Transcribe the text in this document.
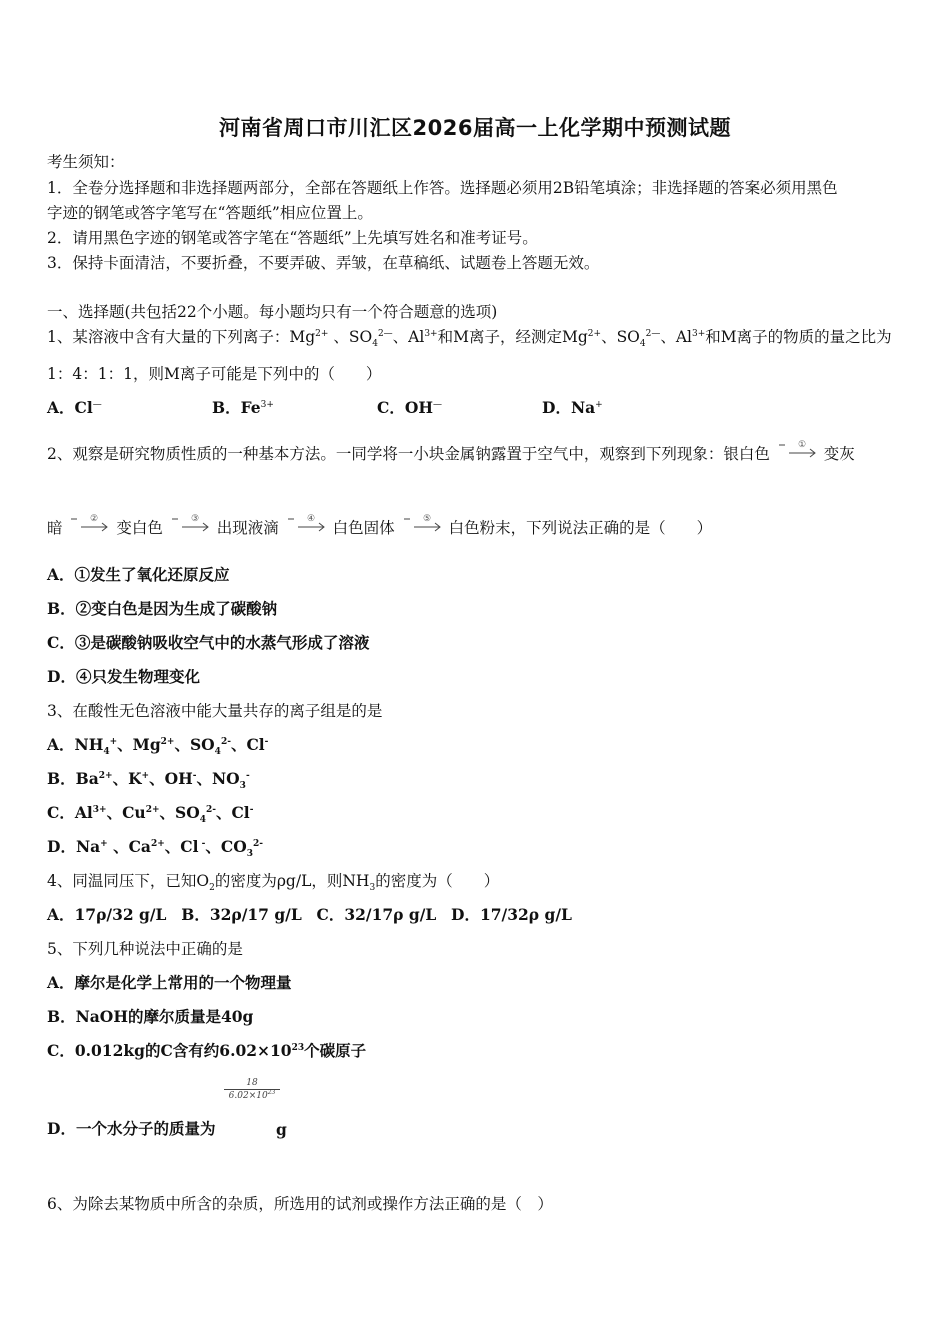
河南省周口市川汇区2026届高一上化学期中预测试题
考生须知：
1．全卷分选择题和非选择题两部分，全部在答题纸上作答。选择题必须用2B铅笔填涂；非选择题的答案必须用黑色
字迹的钢笔或答字笔写在“答题纸”相应位置上。
2．请用黑色字迹的钢笔或答字笔在“答题纸”上先填写姓名和准考证号。
3．保持卡面清洁，不要折叠，不要弄破、弄皱，在草稿纸、试题卷上答题无效。
一、选择题(共包括22个小题。每小题均只有一个符合题意的选项)
1、某溶液中含有大量的下列离子：$Mg^{2+}$ 、$SO_4^{2—}$、$Al^{3+}$和M离子，经测定$Mg^{2+}$、$SO_4^{2—}$、$Al^{3+}$和M离子的物质的量之比为
1：4：1：1，则M离子可能是下列中的（　　）
A．Cl—	B．$Fe^{3+}$	C．OH—	D．Na+
2、观察是研究物质性质的一种基本方法。一同学将一小块金属钠露置于空气中，观察到下列现象：银白色	① 变灰
暗	② 变白色	③ 出现液滴	④ 白色固体	⑤ 白色粉末，下列说法正确的是（　　）
A．①发生了氧化还原反应
B．②变白色是因为生成了碳酸钠
C．③是碳酸钠吸收空气中的水蒸气形成了溶液
D．④只发生物理变化
3、在酸性无色溶液中能大量共存的离子组是的是
A．$NH_4^+$、$Mg^{2+}$、$SO_4^{2-}$、Cl-
B．$Ba^{2+}$、K+、OH-、$NO_3^-$
C．$Al^{3+}$、$Cu^{2+}$、$SO_4^{2-}$、Cl-
D．Na+ 、$Ca^{2+}$、Cl -、$CO_3^{2-}$
4、同温同压下，已知$O_2$的密度为ρg/L，则$NH_3$的密度为（　　）
A．17ρ/32 g/L B．32ρ/17 g/L C．32/17ρ g/L D．17/32ρ g/L
5、下列几种说法中正确的是
A．摩尔是化学上常用的一个物理量
B．NaOH的摩尔质量是40g
C．0.012kg的C含有约$6.02\times 10^{23}$个碳原子
18
$6.02\times 10^{23}$
D．一个水分子的质量为	g
6、为除去某物质中所含的杂质，所选用的试剂或操作方法正确的是（　）
